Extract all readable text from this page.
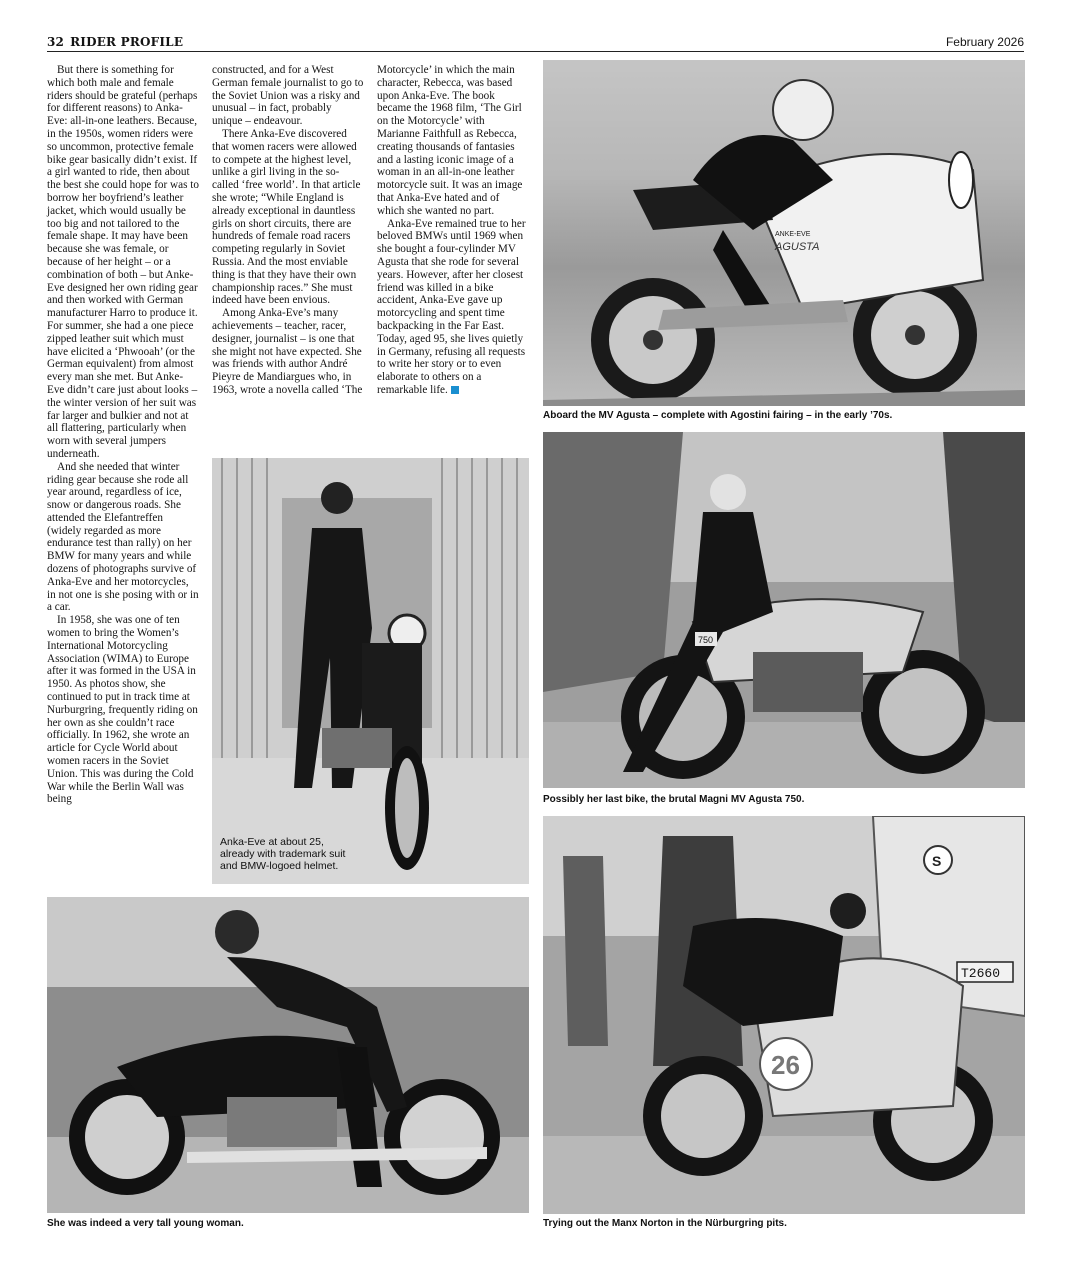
32 RIDER PROFILE	February 2026

But there is something for which both male and female riders should be grateful (perhaps for different reasons) to Anka-Eve: all-in-one leathers. Because, in the 1950s, women riders were so uncommon, protective female bike gear basically didn’t exist. If a girl wanted to ride, then about the best she could hope for was to borrow her boyfriend’s leather jacket, which would usually be too big and not tailored to the female shape. It may have been because she was female, or because of her height – or a combination of both – but Anke-Eve designed her own riding gear and then worked with German manufacturer Harro to produce it. For summer, she had a one piece zipped leather suit which must have elicited a ‘Phwooah’ (or the German equivalent) from almost every man she met. But Anke-Eve didn’t care just about looks – the winter version of her suit was far larger and bulkier and not at all flattering, particularly when worn with several jumpers underneath.

And she needed that winter riding gear because she rode all year around, regardless of ice, snow or dangerous roads. She attended the Elefantreffen (widely regarded as more endurance test than rally) on her BMW for many years and while dozens of photographs survive of Anka-Eve and her motorcycles, in not one is she posing with or in a car.

In 1958, she was one of ten women to bring the Women’s International Motorcycling Association (WIMA) to Europe after it was formed in the USA in 1950. As photos show, she continued to put in track time at Nurburgring, frequently riding on her own as she couldn’t race officially. In 1962, she wrote an article for Cycle World about women racers in the Soviet Union. This was during the Cold War while the Berlin Wall was being

constructed, and for a West German female journalist to go to the Soviet Union was a risky and unusual – in fact, probably unique – endeavour.

There Anka-Eve discovered that women racers were allowed to compete at the highest level, unlike a girl living in the so-called ‘free world’. In that article she wrote; “While England is already exceptional in dauntless girls on short circuits, there are hundreds of female road racers competing regularly in Soviet Russia. And the most enviable thing is that they have their own championship races.” She must indeed have been envious.

Among Anka-Eve’s many achievements – teacher, racer, designer, journalist – is one that she might not have expected. She was friends with author André Pieyre de Mandiargues who, in 1963, wrote a novella called ‘The

Motorcycle’ in which the main character, Rebecca, was based upon Anka-Eve. The book became the 1968 film, ‘The Girl on the Motorcycle’ with Marianne Faithfull as Rebecca, creating thousands of fantasies and a lasting iconic image of a woman in an all-in-one leather motorcycle suit. It was an image that Anka-Eve hated and of which she wanted no part.

Anka-Eve remained true to her beloved BMWs until 1969 when she bought a four-cylinder MV Agusta that she rode for several years. However, after her closest friend was killed in a bike accident, Anka-Eve gave up motorcycling and spent time backpacking in the Far East. Today, aged 95, she lives quietly in Germany, refusing all requests to write her story or to even elaborate to others on a remarkable life.

ANKE-EVE
AGUSTA
Aboard the MV Agusta – complete with Agostini fairing – in the early ’70s.
Anka-Eve at about 25, already with trademark suit and BMW-logoed helmet.
750
Possibly her last bike, the brutal Magni MV Agusta 750.
She was indeed a very tall young woman.
S
T2660
26
Trying out the Manx Norton in the Nürburgring pits.
